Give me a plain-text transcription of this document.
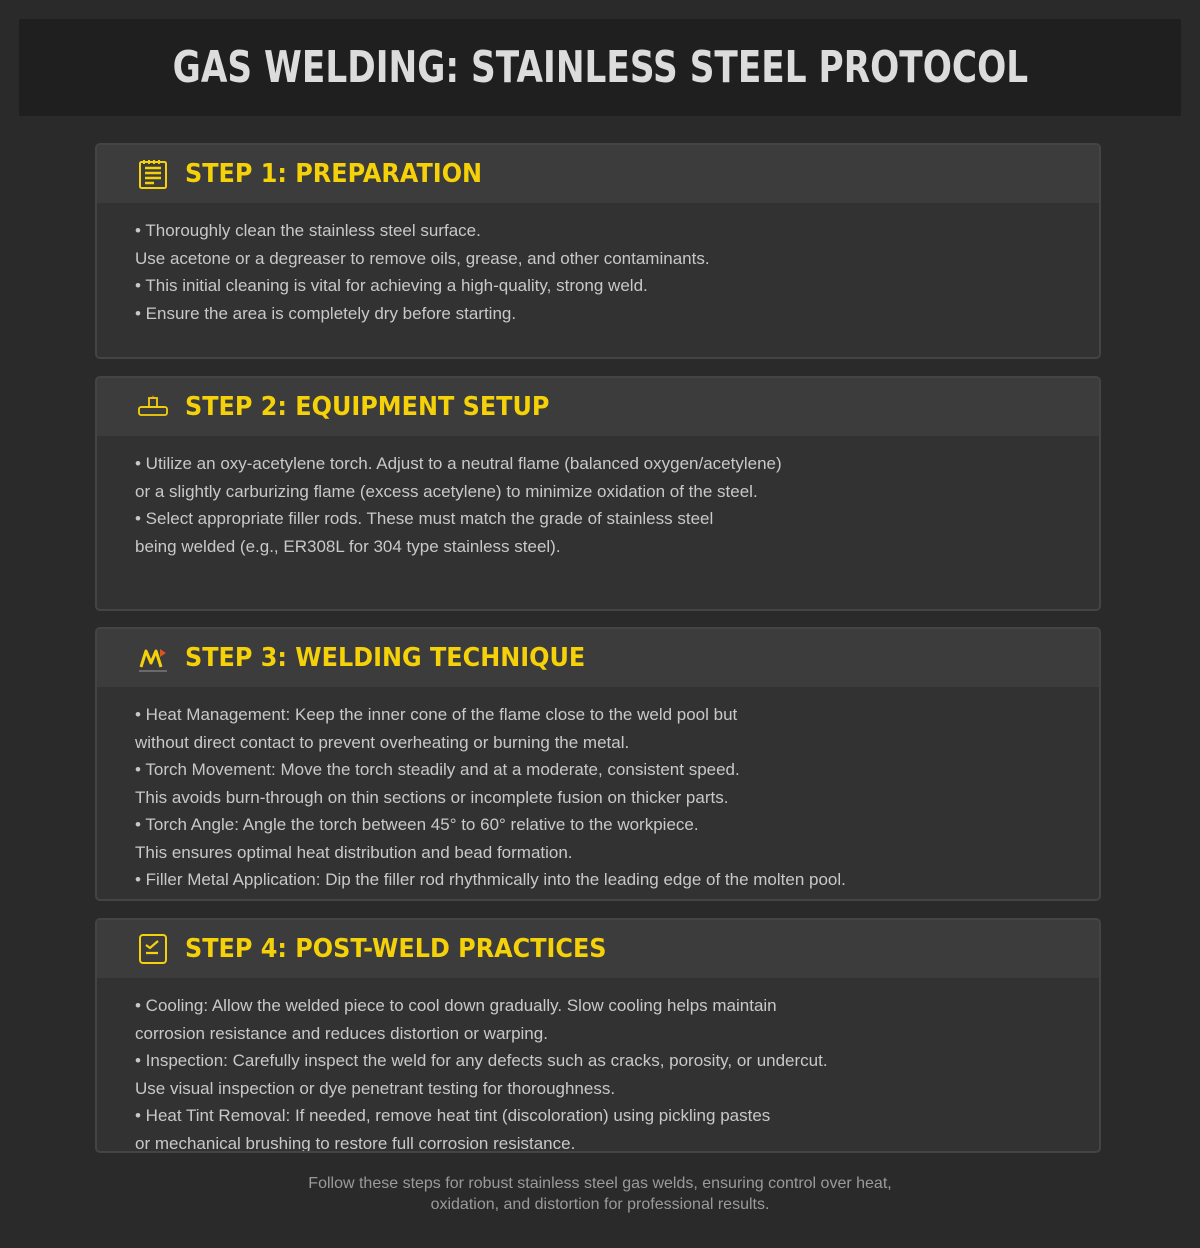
GAS WELDING: STAINLESS STEEL PROTOCOL
STEP 1: PREPARATION

• Thoroughly clean the stainless steel surface.

Use acetone or a degreaser to remove oils, grease, and other contaminants.

• This initial cleaning is vital for achieving a high-quality, strong weld.

• Ensure the area is completely dry before starting.

STEP 2: EQUIPMENT SETUP

• Utilize an oxy-acetylene torch. Adjust to a neutral flame (balanced oxygen/acetylene)

or a slightly carburizing flame (excess acetylene) to minimize oxidation of the steel.

• Select appropriate filler rods. These must match the grade of stainless steel

being welded (e.g., ER308L for 304 type stainless steel).

STEP 3: WELDING TECHNIQUE

• Heat Management: Keep the inner cone of the flame close to the weld pool but

without direct contact to prevent overheating or burning the metal.

• Torch Movement: Move the torch steadily and at a moderate, consistent speed.

This avoids burn-through on thin sections or incomplete fusion on thicker parts.

• Torch Angle: Angle the torch between 45° to 60° relative to the workpiece.

This ensures optimal heat distribution and bead formation.

• Filler Metal Application: Dip the filler rod rhythmically into the leading edge of the molten pool.

STEP 4: POST-WELD PRACTICES

• Cooling: Allow the welded piece to cool down gradually. Slow cooling helps maintain

corrosion resistance and reduces distortion or warping.

• Inspection: Carefully inspect the weld for any defects such as cracks, porosity, or undercut.

Use visual inspection or dye penetrant testing for thoroughness.

• Heat Tint Removal: If needed, remove heat tint (discoloration) using pickling pastes

or mechanical brushing to restore full corrosion resistance.

Follow these steps for robust stainless steel gas welds, ensuring control over heat,

oxidation, and distortion for professional results.
